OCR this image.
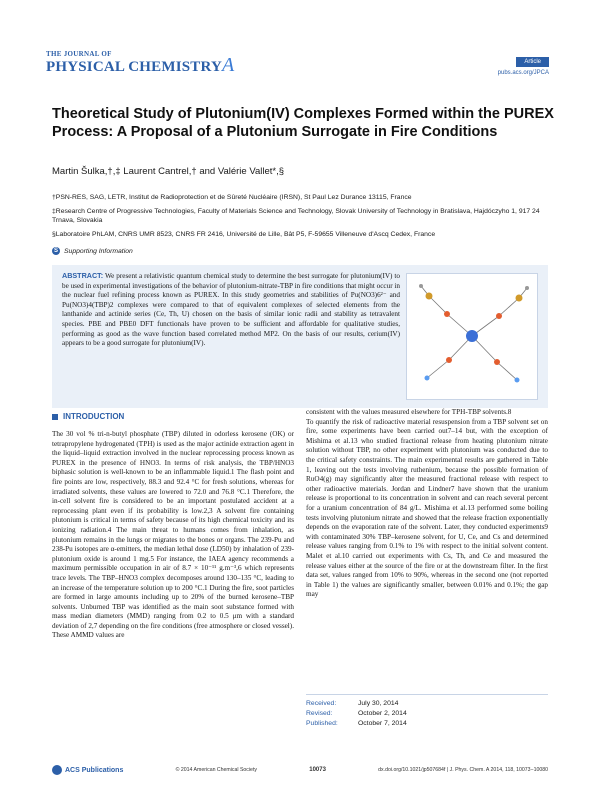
THE JOURNAL OF
PHYSICAL CHEMISTRYA	Article
pubs.acs.org/JPCA
Theoretical Study of Plutonium(IV) Complexes Formed within the PUREX Process: A Proposal of a Plutonium Surrogate in Fire Conditions
Martin Šulka,†,‡ Laurent Cantrel,† and Valérie Vallet*,§
†PSN-RES, SAG, LETR, Institut de Radioprotection et de Sûreté Nucléaire (IRSN), St Paul Lez Durance 13115, France
‡Research Centre of Progressive Technologies, Faculty of Materials Science and Technology, Slovak University of Technology in Bratislava, Hajdóczyho 1, 917 24 Trnava, Slovakia
§Laboratoire PhLAM, CNRS UMR 8523, CNRS FR 2416, Université de Lille, Bât P5, F-59655 Villeneuve d'Ascq Cedex, France
S Supporting Information

ABSTRACT: We present a relativistic quantum chemical study to determine the best surrogate for plutonium(IV) to be used in experimental investigations of the behavior of plutonium-nitrate-TBP in fire conditions that might occur in the nuclear fuel refining process known as PUREX. In this study geometries and stabilities of Pu(NO3)6²⁻ and Pu(NO3)4(TBP)2 complexes were compared to that of equivalent complexes of selected elements from the lanthanide and actinide series (Ce, Th, U) chosen on the basis of similar ionic radii and stability as tetravalent species. PBE and PBE0 DFT functionals have proven to be sufficient and affordable for qualitative studies, performing as good as the wave function based correlated method MP2. On the basis of our results, cerium(IV) appears to be a good surrogate for plutonium(IV).

INTRODUCTION

The 30 vol % tri-n-butyl phosphate (TBP) diluted in odorless kerosene (OK) or tetrapropylene hydrogenated (TPH) is used as the major actinide extraction agent in the liquid–liquid extraction involved in the nuclear reprocessing process known as PUREX in the presence of HNO3. In terms of risk analysis, the TBP/HNO3 biphasic solution is well-known to be an inflammable liquid.1 The flash point and fire points are low, respectively, 88.3 and 92.4 °C for fresh solutions, whereas for irradiated solvents, these values are lowered to 72.0 and 76.8 °C.1 Therefore, the in-cell solvent fire is considered to be an important postulated accident at a reprocessing plant even if its probability is low.2,3 A solvent fire containing plutonium is critical in terms of safety because of its high chemical toxicity and its ionizing radiation.4 The main threat to humans comes from inhalation, as plutonium remains in the lungs or migrates to the bones or organs. The 239-Pu and 238-Pu isotopes are α-emitters, the median lethal dose (LD50) by inhalation of 239-plutonium oxide is around 1 mg.5 For instance, the IAEA agency recommends a maximum permissible occupation in air of 8.7 × 10⁻¹¹ g.m⁻³,6 which represents trace levels. The TBP–HNO3 complex decomposes around 130–135 °C, leading to an increase of the temperature solution up to 200 °C.1 During the fire, soot particles are formed in large amounts including up to 20% of the burned kerosene–TBP solvents. Unburned TBP was identified as the main soot substance formed with mass median diameters (MMD) ranging from 0.2 to 0.5 μm with a standard deviation of 2,7 depending on the fire conditions (free atmosphere or closed vessel). These AMMD values are

consistent with the values measured elsewhere for TPH-TBP solvents.8
To quantify the risk of radioactive material resuspension from a TBP solvent set on fire, some experiments have been carried out7–14 but, with the exception of Mishima et al.13 who studied fractional release from heating plutonium nitrate solution without TBP, no other experiment with plutonium was conducted due to the critical safety constraints. The main experimental results are gathered in Table 1, leaving out the tests involving ruthenium, because the possible formation of RuO4(g) may significantly alter the measured fractional release with respect to other radioactive materials. Jordan and Lindner7 have shown that the uranium release is proportional to its concentration in solvent and can reach several percent for a uranium concentration of 84 g/L. Mishima et al.13 performed some boiling tests involving plutonium nitrate and showed that the release fraction exponentially depends on the evaporation rate of the solvent. Later, they conducted experiments9 with contaminated 30% TBP–kerosene solvent, for U, Ce, and Cs and determined release values ranging from 0.1% to 1% with respect to the initial solvent content. Malet et al.10 carried out experiments with Cs, Th, and Ce and measured the release values either at the source of the fire or at the downstream filter. In the first data set, values ranged from 10% to 90%, whereas in the second one (not reported in Table 1) the values are significantly smaller, between 0.01% and 0.1%; the gap may

Received:	July 30, 2014
Revised:	October 2, 2014
Published:	October 7, 2014
ACS Publications	© 2014 American Chemical Society	10073	dx.doi.org/10.1021/jp507684f | J. Phys. Chem. A 2014, 118, 10073−10080
